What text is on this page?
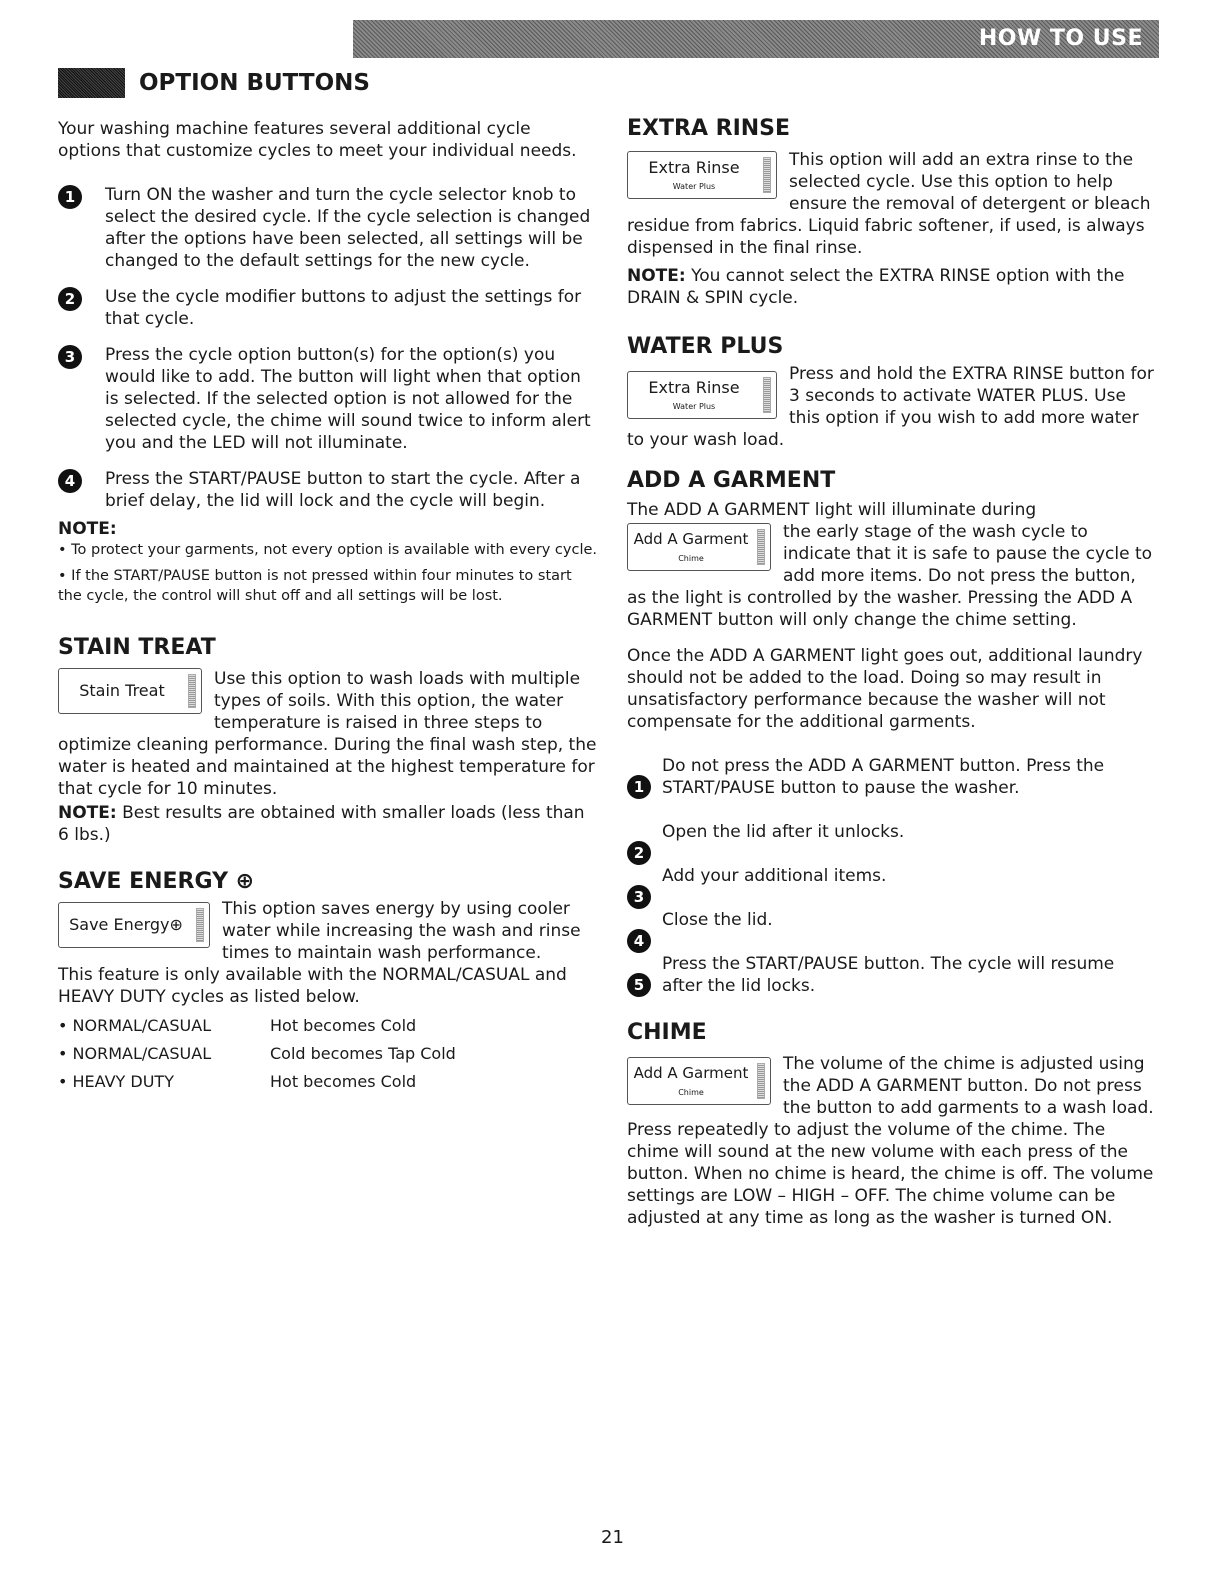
HOW TO USE
OPTION BUTTONS

Your washing machine features several additional cycle options that customize cycles to meet your individual needs.

1	Turn ON the washer and turn the cycle selector knob to select the desired cycle. If the cycle selection is changed after the options have been selected, all settings will be changed to the default settings for the new cycle.
2	Use the cycle modifier buttons to adjust the settings for that cycle.
3	Press the cycle option button(s) for the option(s) you would like to add. The button will light when that option is selected. If the selected option is not allowed for the selected cycle, the chime will sound twice to inform alert you and the LED will not illuminate.
4	Press the START/PAUSE button to start the cycle. After a brief delay, the lid will lock and the cycle will begin.

NOTE:

• To protect your garments, not every option is available with every cycle.

• If the START/PAUSE button is not pressed within four minutes to start the cycle, the control will shut off and all settings will be lost.

STAIN TREAT
Stain Treat

Use this option to wash loads with multiple types of soils. With this option, the water temperature is raised in three steps to optimize cleaning performance. During the final wash step, the water is heated and maintained at the highest temperature for that cycle for 10 minutes.

NOTE: Best results are obtained with smaller loads (less than 6 lbs.)

SAVE ENERGY ⊕
Save Energy⊕

This option saves energy by using cooler water while increasing the wash and rinse times to maintain wash performance.

This feature is only available with the NORMAL/CASUAL and HEAVY DUTY cycles as listed below.

• NORMAL/CASUAL	Hot becomes Cold
• NORMAL/CASUAL	Cold becomes Tap Cold
• HEAVY DUTY	Hot becomes Cold
EXTRA RINSE
Extra Rinse
Water Plus

This option will add an extra rinse to the selected cycle. Use this option to help ensure the removal of detergent or bleach residue from fabrics. Liquid fabric softener, if used, is always dispensed in the final rinse.

NOTE: You cannot select the EXTRA RINSE option with the DRAIN & SPIN cycle.

WATER PLUS
Extra Rinse
Water Plus

Press and hold the EXTRA RINSE button for 3 seconds to activate WATER PLUS. Use this option if you wish to add more water to your wash load.

ADD A GARMENT

The ADD A GARMENT light will illuminate during

Add A Garment
Chime

the early stage of the wash cycle to indicate that it is safe to pause the cycle to add more items. Do not press the button, as the light is controlled by the washer. Pressing the ADD A GARMENT button will only change the chime setting.

Once the ADD A GARMENT light goes out, additional laundry should not be added to the load. Doing so may result in unsatisfactory performance because the washer will not compensate for the additional garments.

1
Do not press the ADD A GARMENT button. Press the START/PAUSE button to pause the washer.
2
Open the lid after it unlocks.
3
Add your additional items.
4
Close the lid.
5
Press the START/PAUSE button. The cycle will resume after the lid locks.
CHIME
Add A Garment
Chime

The volume of the chime is adjusted using the ADD A GARMENT button. Do not press the button to add garments to a wash load. Press repeatedly to adjust the volume of the chime. The chime will sound at the new volume with each press of the button. When no chime is heard, the chime is off. The volume settings are LOW – HIGH – OFF. The chime volume can be adjusted at any time as long as the washer is turned ON.

21
